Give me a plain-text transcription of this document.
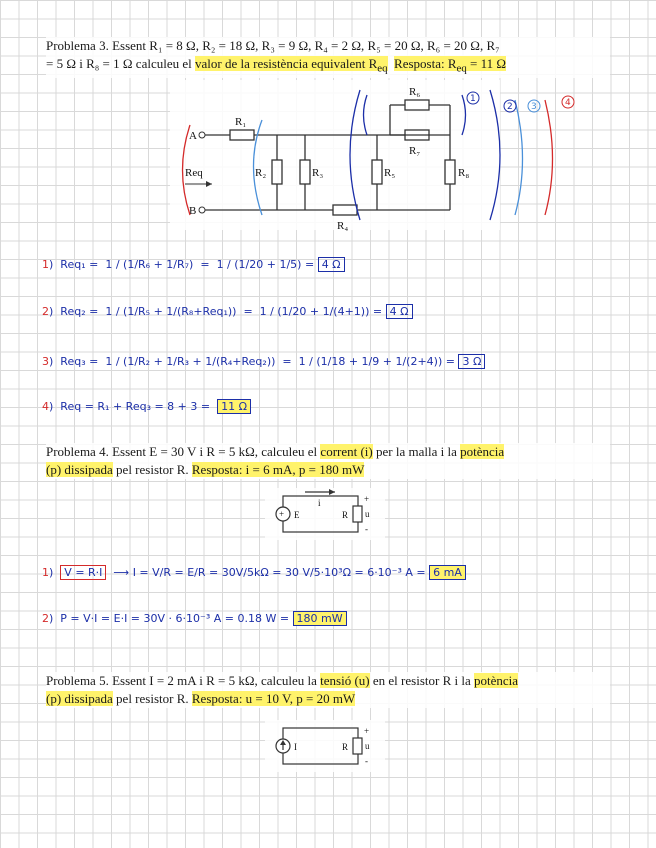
Problema 3. Essent R₁ = 8 Ω, R₂ = 18 Ω, R₃ = 9 Ω, R₄ = 2 Ω, R₅ = 20 Ω, R₆ = 20 Ω, R₇
= 5 Ω i R₈ = 1 Ω calculeu el valor de la resistència equivalent $R_{eq}$ Resposta: $R_{eq} = 11$ Ω
A
B
Req
R₁
R₂	R₃
R₄
R₅
R₆
R₇
R₈
1
2 3	4
1)  Req₁ = 1 / (1/R₆ + 1/R₇) = 1 / (1/20 + 1/5) = 4 Ω
2)  Req₂ = 1 / (1/R₅ + 1/(R₈+Req₁)) = 1 / (1/20 + 1/(4+1)) = 4 Ω
3)  Req₃ = 1 / (1/R₂ + 1/R₃ + 1/(R₄+Req₂)) = 1 / (1/18 + 1/9 + 1/(2+4)) = 3 Ω
4)  Req = R₁ + Req₃ = 8 + 3 = 11 Ω
Problema 4. Essent E = 30 V i R = 5 kΩ, calculeu el corrent (i) per la malla i la potència
(p) dissipada pel resistor R. Resposta: i = 6 mA, p = 180 mW
E
+
i
R
+
u
-
1)  V = R·I ⟶ I = V/R = E/R = 30V/5kΩ = 30 V/5·10³Ω = 6·10⁻³ A = 6 mA
2)  P = V·I = E·I = 30V · 6·10⁻³ A = 0.18 W = 180 mW
Problema 5. Essent I = 2 mA i R = 5 kΩ, calculeu la tensió (u) en el resistor R i la potència
(p) dissipada pel resistor R. Resposta: u = 10 V, p = 20 mW
I	R
+
u
-
